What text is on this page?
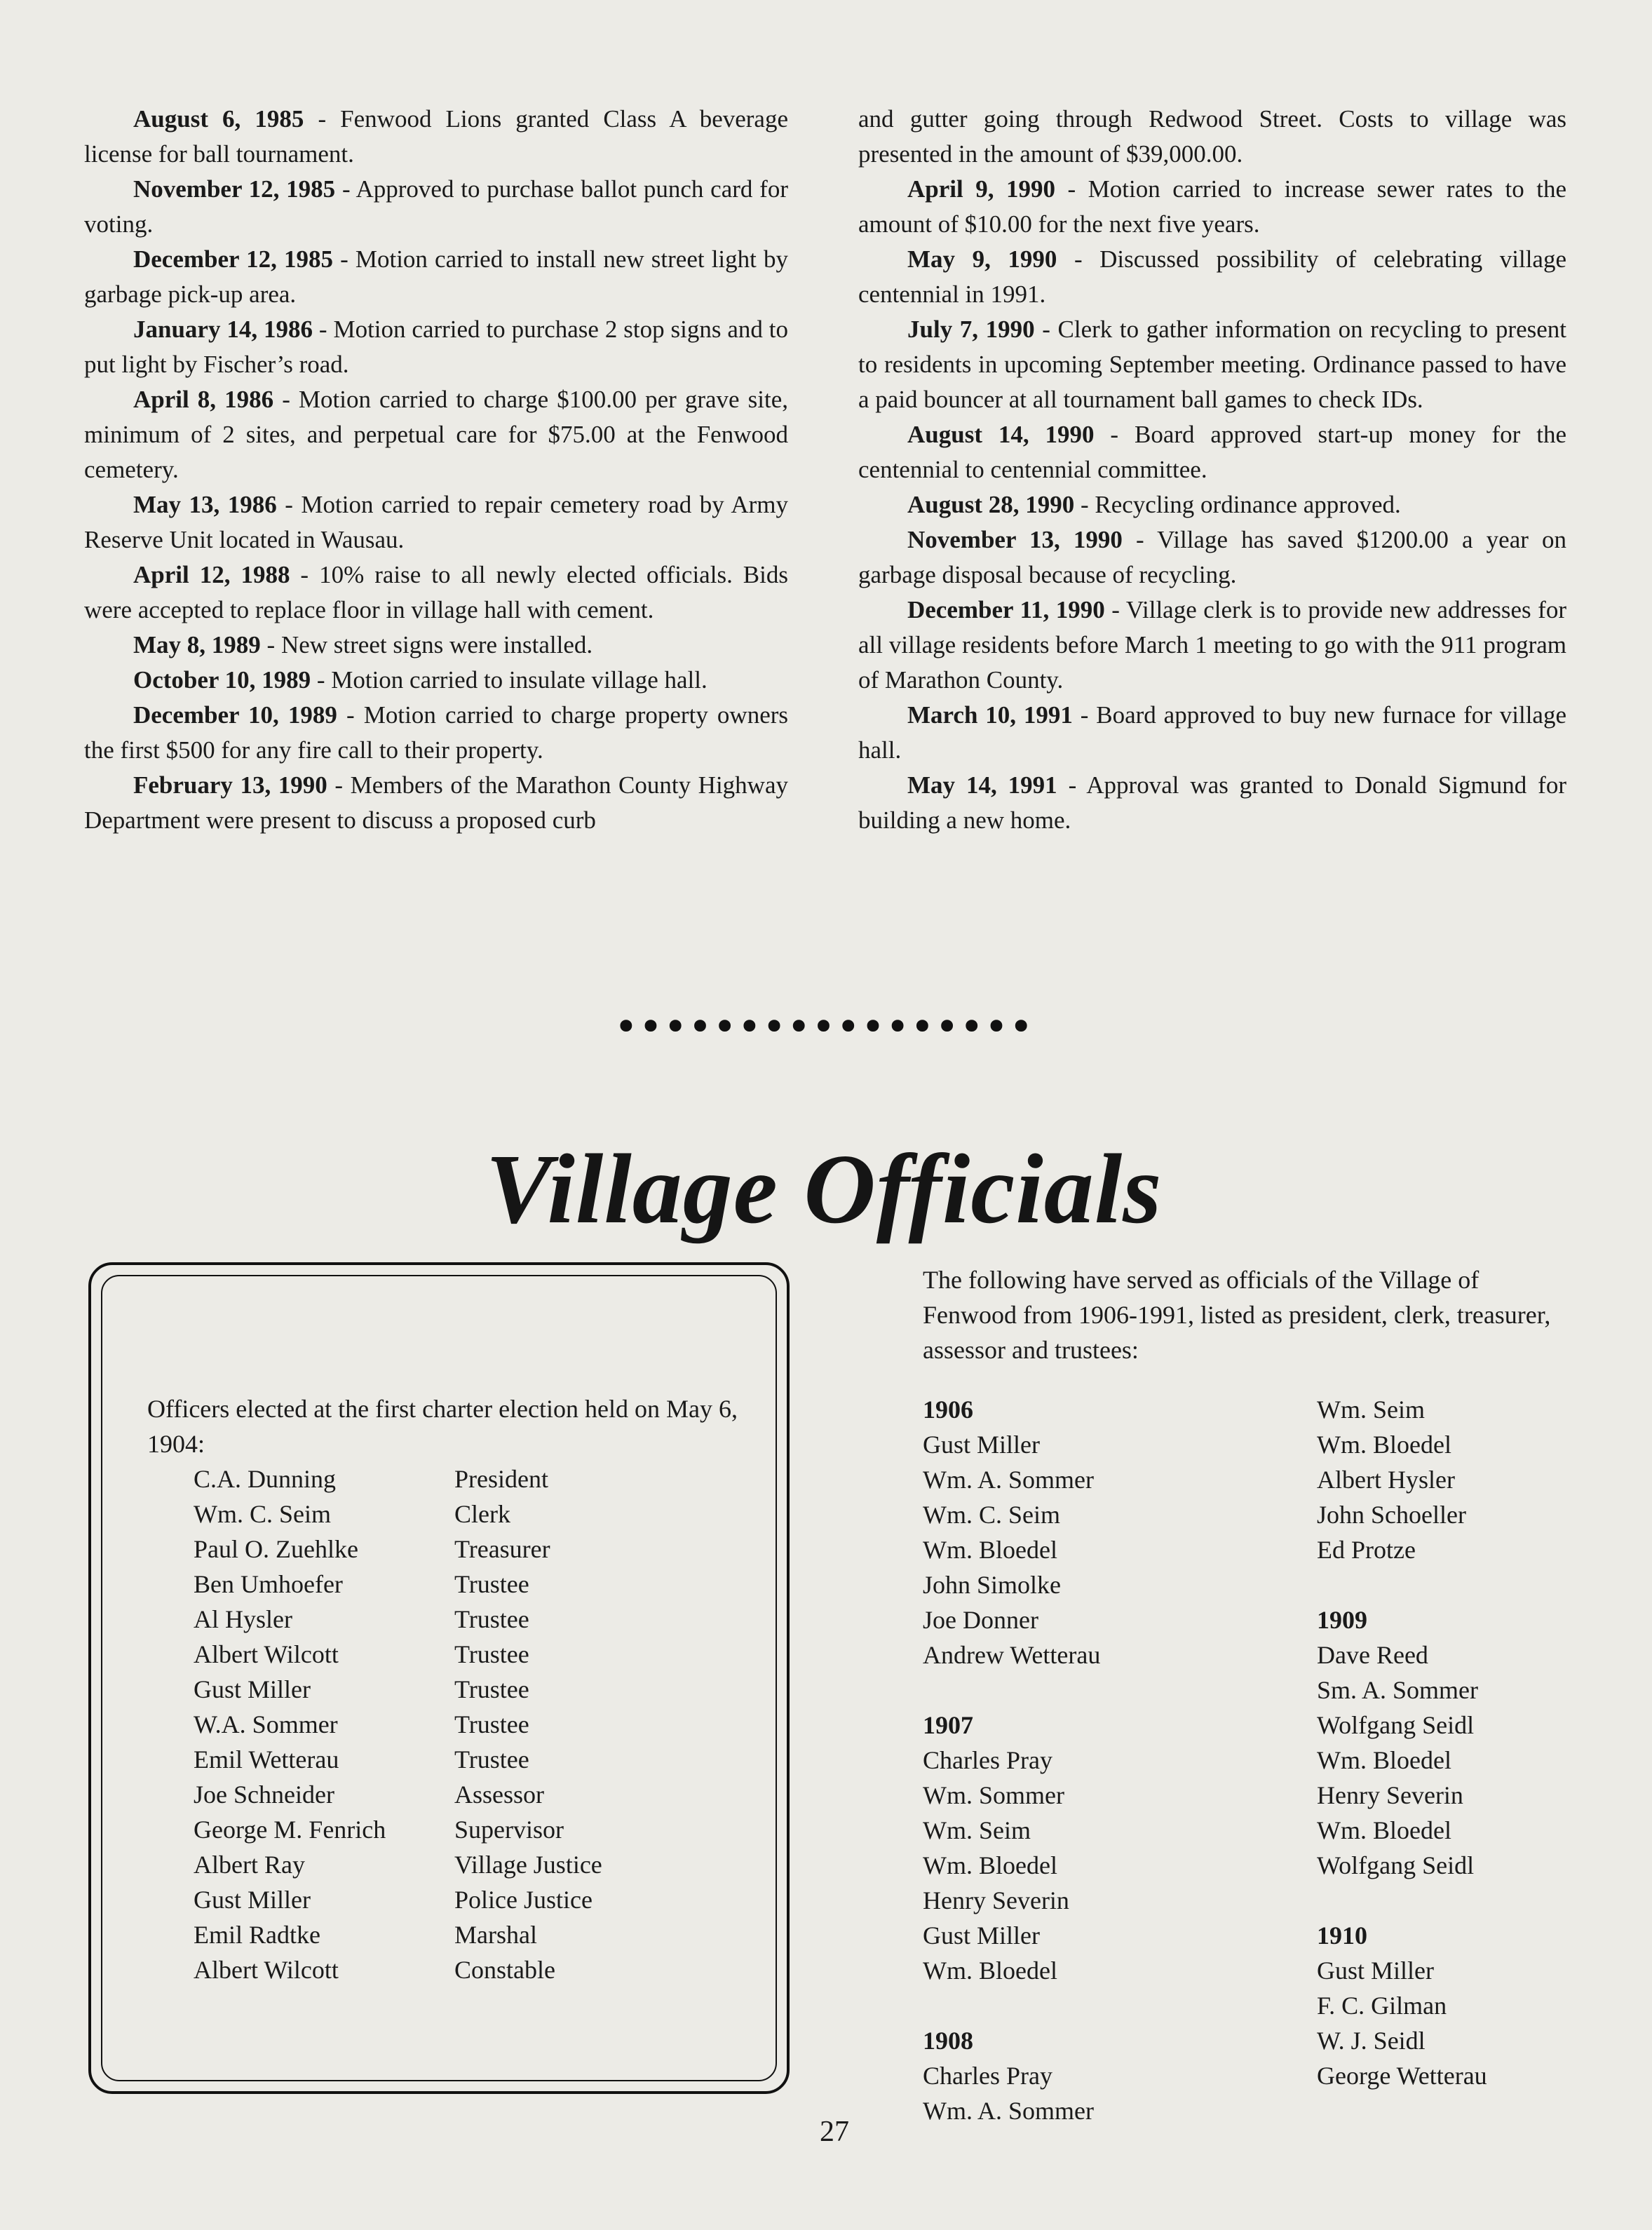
August 6, 1985 - Fenwood Lions granted Class A beverage license for ball tournament.

November 12, 1985 - Approved to purchase ballot punch card for voting.

December 12, 1985 - Motion carried to install new street light by garbage pick-up area.

January 14, 1986 - Motion carried to purchase 2 stop signs and to put light by Fischer’s road.

April 8, 1986 - Motion carried to charge $100.00 per grave site, minimum of 2 sites, and perpetual care for $75.00 at the Fenwood cemetery.

May 13, 1986 - Motion carried to repair cemetery road by Army Reserve Unit located in Wausau.

April 12, 1988 - 10% raise to all newly elected officials. Bids were accepted to replace floor in village hall with cement.

May 8, 1989 - New street signs were installed.

October 10, 1989 - Motion carried to insulate village hall.

December 10, 1989 - Motion carried to charge property owners the first $500 for any fire call to their property.

February 13, 1990 - Members of the Marathon County Highway Department were present to discuss a proposed curb

and gutter going through Redwood Street. Costs to village was presented in the amount of $39,000.00.

April 9, 1990 - Motion carried to increase sewer rates to the amount of $10.00 for the next five years.

May 9, 1990 - Discussed possibility of celebrating village centennial in 1991.

July 7, 1990 - Clerk to gather information on recycling to present to residents in upcoming September meeting. Ordinance passed to have a paid bouncer at all tournament ball games to check IDs.

August 14, 1990 - Board approved start-up money for the centennial to centennial committee.

August 28, 1990 - Recycling ordinance approved.

November 13, 1990 - Village has saved $1200.00 a year on garbage disposal because of recycling.

December 11, 1990 - Village clerk is to provide new addresses for all village residents before March 1 meeting to go with the 911 program of Marathon County.

March 10, 1991 - Board approved to buy new furnace for village hall.

May 14, 1991 - Approval was granted to Donald Sigmund for building a new home.

•••••••••••••••••
Village Officials
Officers elected at the first charter election held on May 6, 1904:
C.A. Dunning	President
Wm. C. Seim	Clerk
Paul O. Zuehlke	Treasurer
Ben Umhoefer	Trustee
Al Hysler	Trustee
Albert Wilcott	Trustee
Gust Miller	Trustee
W.A. Sommer	Trustee
Emil Wetterau	Trustee
Joe Schneider	Assessor
George M. Fenrich	Supervisor
Albert Ray	Village Justice
Gust Miller	Police Justice
Emil Radtke	Marshal
Albert Wilcott	Constable
The following have served as officials of the Village of Fenwood from 1906-1991, listed as president, clerk, treasurer, assessor and trustees:
1906
Gust Miller
Wm. A. Sommer
Wm. C. Seim
Wm. Bloedel
John Simolke
Joe Donner
Andrew Wetterau
1907
Charles Pray
Wm. Sommer
Wm. Seim
Wm. Bloedel
Henry Severin
Gust Miller
Wm. Bloedel
1908
Charles Pray
Wm. A. Sommer
Wm. Seim
Wm. Bloedel
Albert Hysler
John Schoeller
Ed Protze
1909
Dave Reed
Sm. A. Sommer
Wolfgang Seidl
Wm. Bloedel
Henry Severin
Wm. Bloedel
Wolfgang Seidl
1910
Gust Miller
F. C. Gilman
W. J. Seidl
George Wetterau
27
